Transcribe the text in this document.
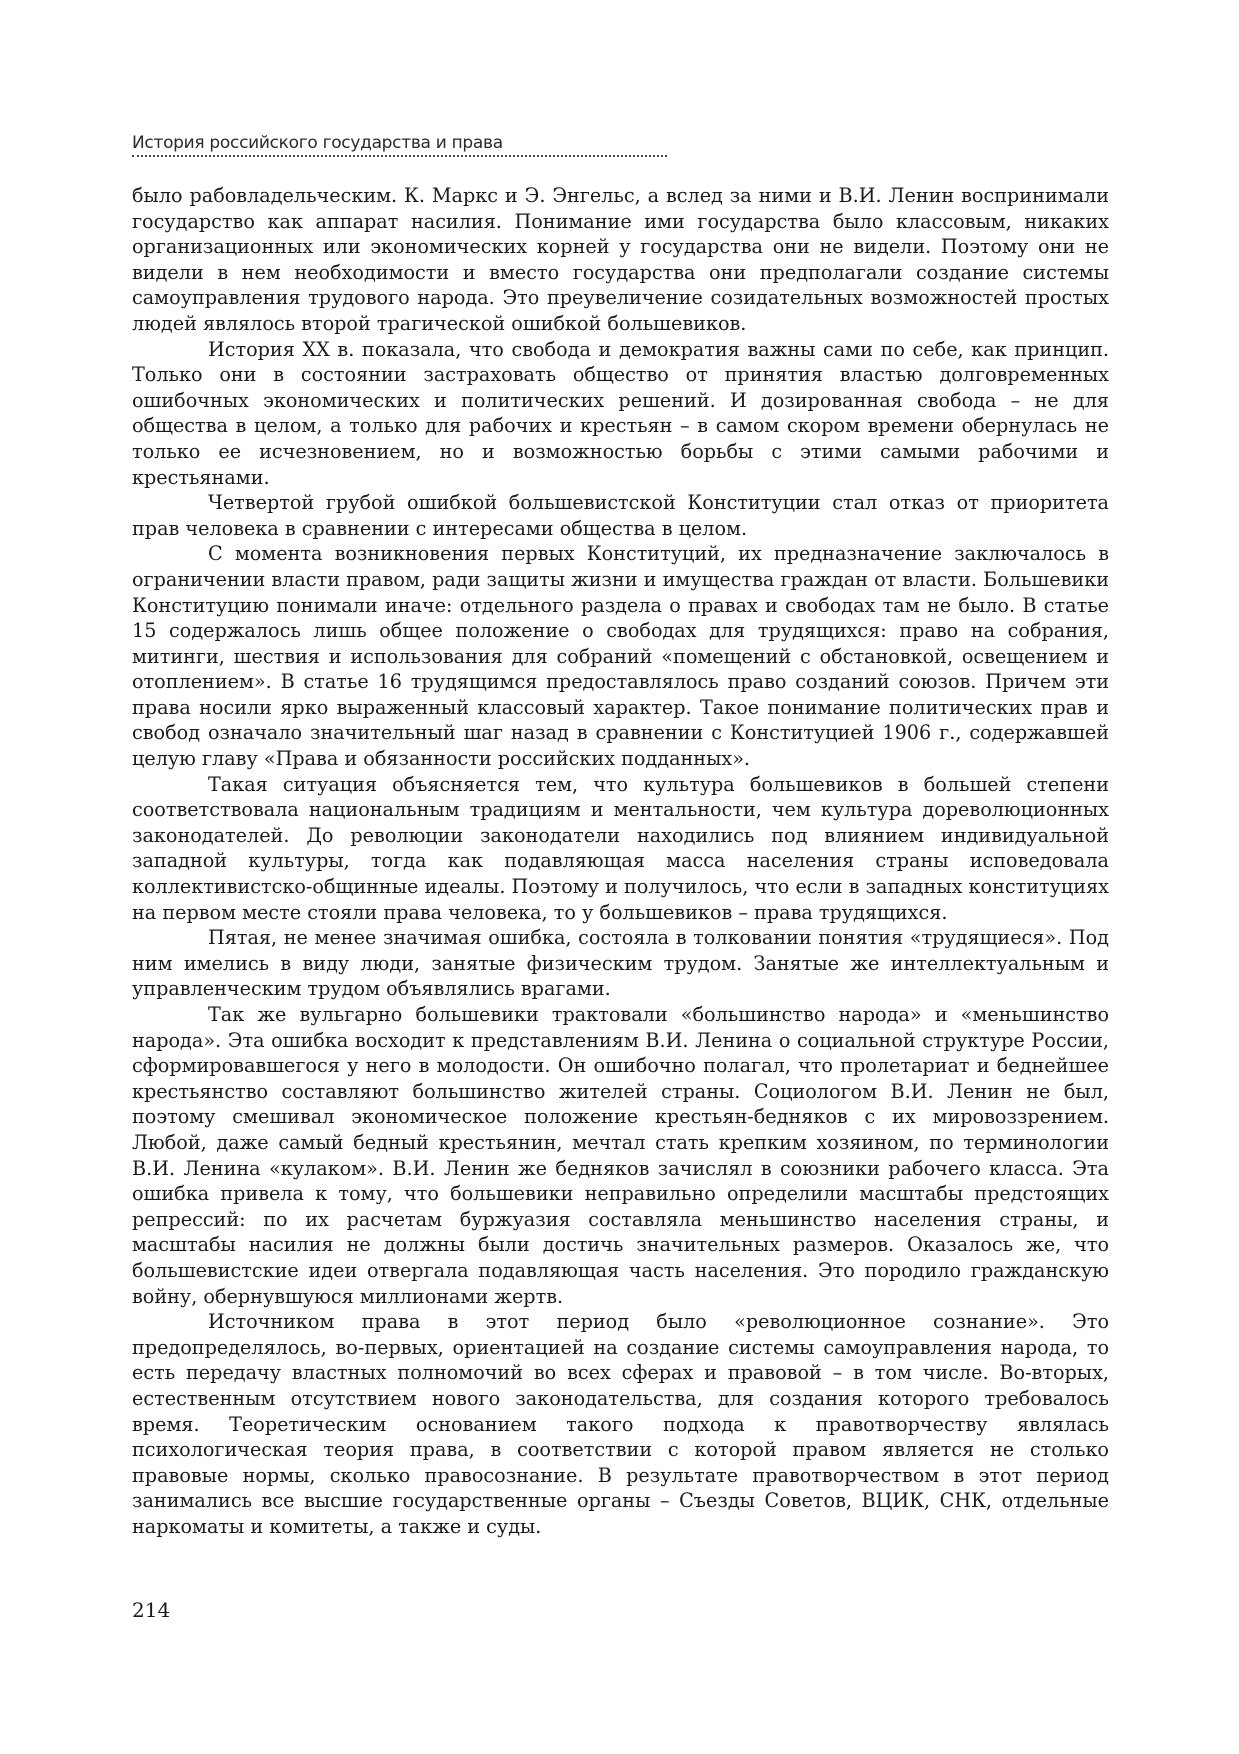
История российского государства и права

было рабовладельческим. К. Маркс и Э. Энгельс, а вслед за ними и В.И. Ленин воспринимали государство как аппарат насилия. Понимание ими государства было классовым, никаких организационных или экономических корней у государства они не видели. Поэтому они не видели в нем необходимости и вместо государства они предполагали создание системы самоуправления трудового народа. Это преувеличение созидательных возможностей простых людей являлось второй трагической ошибкой большевиков.

История XX в. показала, что свобода и демократия важны сами по себе, как принцип. Только они в состоянии застраховать общество от принятия властью долговременных ошибочных экономических и политических решений. И дозированная свобода – не для общества в целом, а только для рабочих и крестьян – в самом скором времени обернулась не только ее исчезновением, но и возможностью борьбы с этими самыми рабочими и крестьянами.

Четвертой грубой ошибкой большевистской Конституции стал отказ от приоритета прав человека в сравнении с интересами общества в целом.

С момента возникновения первых Конституций, их предназначение заключалось в ограничении власти правом, ради защиты жизни и имущества граждан от власти. Большевики Конституцию понимали иначе: отдельного раздела о правах и свободах там не было. В статье 15 содержалось лишь общее положение о свободах для трудящихся: право на собрания, митинги, шествия и использования для собраний «помещений с обстановкой, освещением и отоплением». В статье 16 трудящимся предоставлялось право созданий союзов. Причем эти права носили ярко выраженный классовый характер. Такое понимание политических прав и свобод означало значительный шаг назад в сравнении с Конституцией 1906 г., содержавшей целую главу «Права и обязанности российских подданных».

Такая ситуация объясняется тем, что культура большевиков в большей степени соответствовала национальным традициям и ментальности, чем культура дореволюционных законодателей. До революции законодатели находились под влиянием индивидуальной западной культуры, тогда как подавляющая масса населения страны исповедовала коллективистско-общинные идеалы. Поэтому и получилось, что если в западных конституциях на первом месте стояли права человека, то у большевиков – права трудящихся.

Пятая, не менее значимая ошибка, состояла в толковании понятия «трудящиеся». Под ним имелись в виду люди, занятые физическим трудом. Занятые же интеллектуальным и управленческим трудом объявлялись врагами.

Так же вульгарно большевики трактовали «большинство народа» и «меньшинство народа». Эта ошибка восходит к представлениям В.И. Ленина о социальной структуре России, сформировавшегося у него в молодости. Он ошибочно полагал, что пролетариат и беднейшее крестьянство составляют большинство жителей страны. Социологом В.И. Ленин не был, поэтому смешивал экономическое положение крестьян-бедняков с их мировоззрением. Любой, даже самый бедный крестьянин, мечтал стать крепким хозяином, по терминологии В.И. Ленина «кулаком». В.И. Ленин же бедняков зачислял в союзники рабочего класса. Эта ошибка привела к тому, что большевики неправильно определили масштабы предстоящих репрессий: по их расчетам буржуазия составляла меньшинство населения страны, и масштабы насилия не должны были достичь значительных размеров. Оказалось же, что большевистские идеи отвергала подавляющая часть населения. Это породило гражданскую войну, обернувшуюся миллионами жертв.

Источником права в этот период было «революционное сознание». Это предопределялось, во-первых, ориентацией на создание системы самоуправления народа, то есть передачу властных полномочий во всех сферах и правовой – в том числе. Во-вторых, естественным отсутствием нового законодательства, для создания которого требовалось время. Теоретическим основанием такого подхода к правотворчеству являлась психологическая теория права, в соответствии с которой правом является не столько правовые нормы, сколько правосознание. В результате правотворчеством в этот период занимались все высшие государственные органы – Съезды Советов, ВЦИК, СНК, отдельные наркоматы и комитеты, а также и суды.

214
